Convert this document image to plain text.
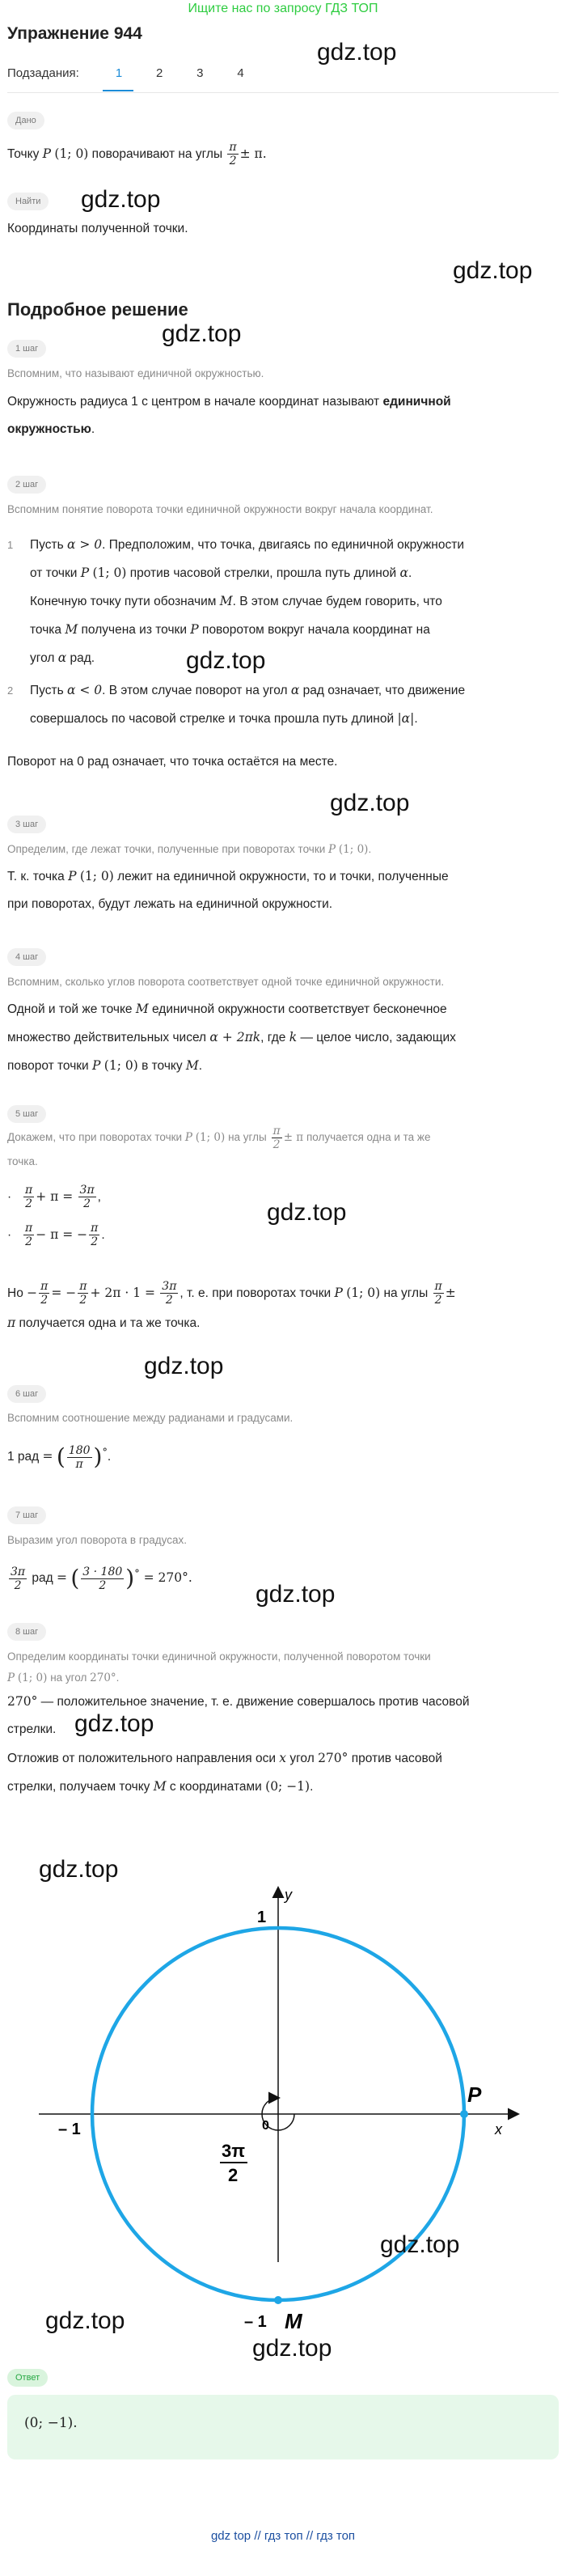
Ищите нас по запросу ГДЗ ТОП
Упражнение 944
gdz.top
Подзадания:	1	2	3	4
Дано
Точку P (1; 0) поворачивают на углы $\frac{\pi}{2} \pm \pi$.
Найти	gdz.top
Координаты полученной точки.
gdz.top
Подробное решение
gdz.top
1 шаг
Вспомним, что называют единичной окружностью.
Окружность радиуса 1 с центром в начале координат называют единичной
окружностью.
2 шаг
Вспомним понятие поворота точки единичной окружности вокруг начала координат.
1 Пусть α > 0. Предположим, что точка, двигаясь по единичной окружности
от точки P (1; 0) против часовой стрелки, прошла путь длиной α.
Конечную точку пути обозначим M. В этом случае будем говорить, что
точка M получена из точки P поворотом вокруг начала координат на
угол α рад.	gdz.top
2 Пусть α < 0. В этом случае поворот на угол α рад означает, что движение
совершалось по часовой стрелке и точка прошла путь длиной |α|.
Поворот на 0 рад означает, что точка остаётся на месте.
gdz.top
3 шаг
Определим, где лежат точки, полученные при поворотах точки P (1; 0).
Т. к. точка P (1; 0) лежит на единичной окружности, то и точки, полученные
при поворотах, будут лежать на единичной окружности.
4 шаг
Вспомним, сколько углов поворота соответствует одной точке единичной окружности.
Одной и той же точке M единичной окружности соответствует бесконечное
множество действительных чисел α + 2πk, где k — целое число, задающих
поворот точки P (1; 0) в точку M.
5 шаг
Докажем, что при поворотах точки P (1; 0) на углы $\frac{\pi}{2} \pm \pi$ получается одна и та же
точка.
· $\frac{\pi}{2} + \pi = \frac{3\pi}{2}$ ,
· $\frac{\pi}{2} - \pi$ = − $\frac{\pi}{2}$ .
gdz.top
Но − $\frac{\pi}{2}$ = − $\frac{\pi}{2} + 2\pi \cdot 1 = \frac{3\pi}{2}$ , т. е. при поворотах точки P (1; 0) на углы $\frac{\pi}{2}$ ±
π получается одна и та же точка.
gdz.top
6 шаг
Вспомним соотношение между радианами и градусами.
1 рад = ( $\frac{180}{\pi} )^\circ$.
7 шаг
Выразим угол поворота в градусах.
$\frac{3\pi}{2}$ рад = ( $\frac{3 \cdot 180}{2} )^\circ = 270^\circ$.
gdz.top
8 шаг
Определим координаты точки единичной окружности, полученной поворотом точки
P (1; 0) на угол 270°.
270° — положительное значение, т. е. движение совершалось против часовой
стрелки. gdz.top
Отложив от положительного направления оси x угол 270° против часовой
стрелки, получаем точку M с координатами (0; −1).
x
y
0
1
– 1
– 1
P
M
3π
2
gdz.top
gdz.top
gdz.top
Ответ
gdz.top
(0; −1).
gdz top // гдз топ // гдз топ
